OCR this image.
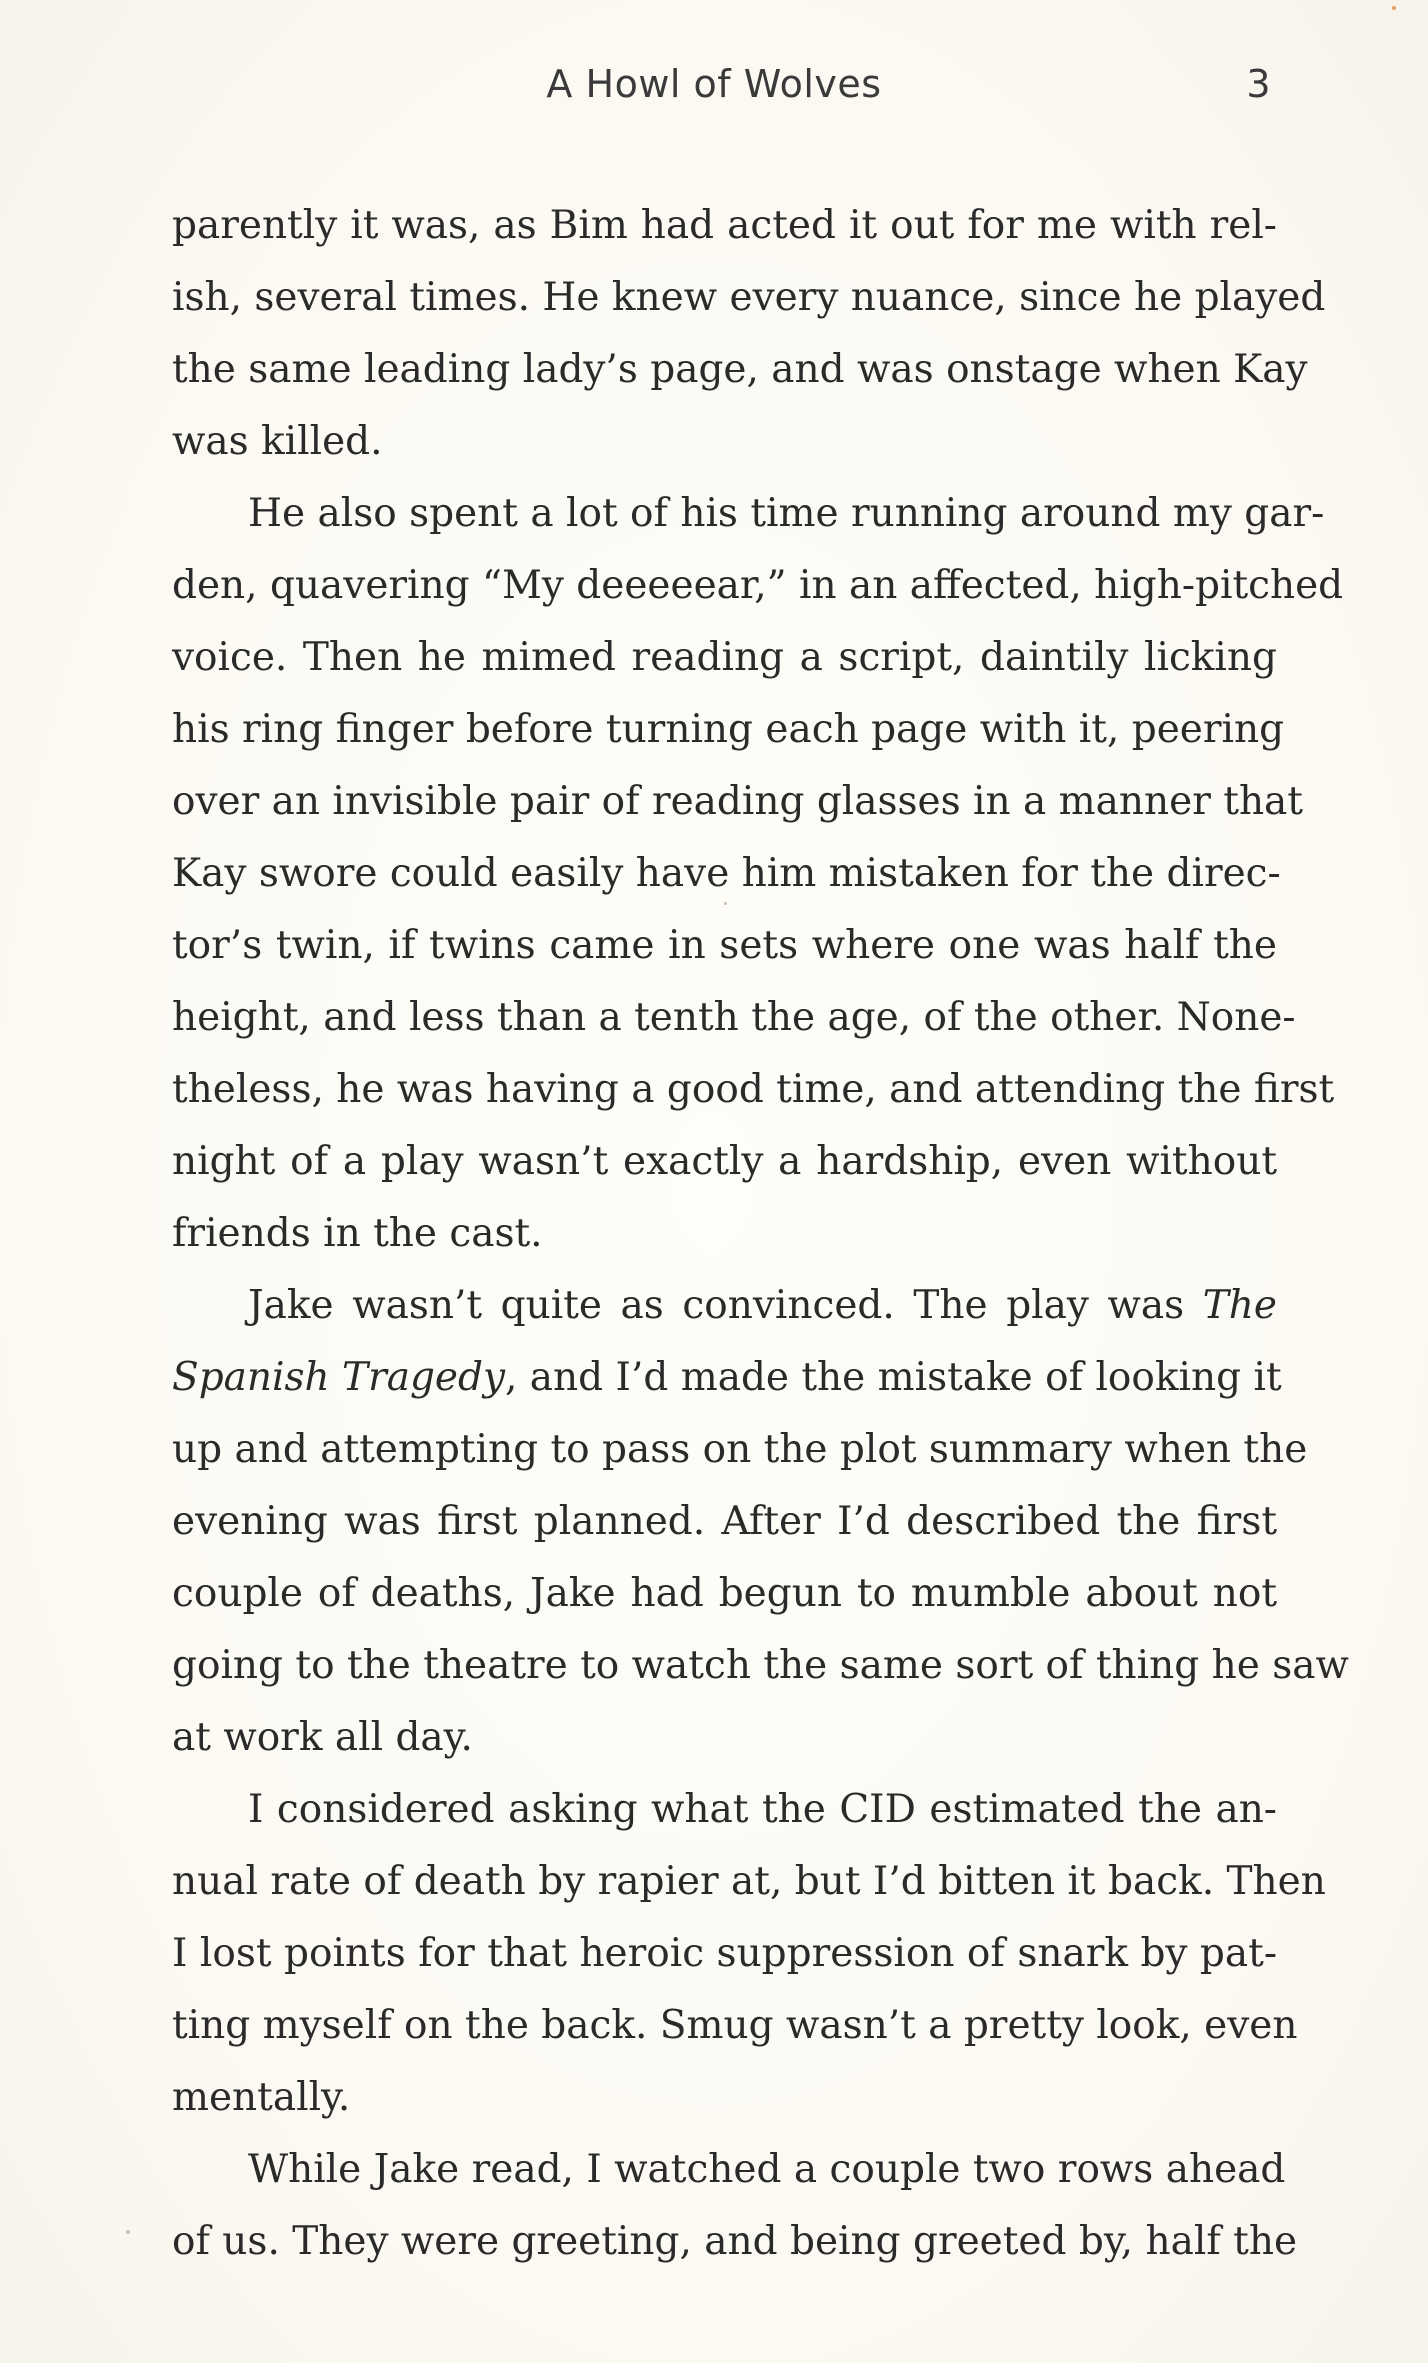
A Howl of Wolves	3
parently it was, as Bim had acted it out for me with rel-
ish, several times. He knew every nuance, since he played
the same leading lady’s page, and was onstage when Kay
was killed.
He also spent a lot of his time running around my gar-
den, quavering “My deeeeear,” in an affected, high-pitched
voice. Then he mimed reading a script, daintily licking
his ring finger before turning each page with it, peering
over an invisible pair of reading glasses in a manner that
Kay swore could easily have him mistaken for the direc-
tor’s twin, if twins came in sets where one was half the
height, and less than a tenth the age, of the other. None-
theless, he was having a good time, and attending the first
night of a play wasn’t exactly a hardship, even without
friends in the cast.
Jake wasn’t quite as convinced. The play was The
Spanish Tragedy, and I’d made the mistake of looking it
up and attempting to pass on the plot summary when the
evening was first planned. After I’d described the first
couple of deaths, Jake had begun to mumble about not
going to the theatre to watch the same sort of thing he saw
at work all day.
I considered asking what the CID estimated the an-
nual rate of death by rapier at, but I’d bitten it back. Then
I lost points for that heroic suppression of snark by pat-
ting myself on the back. Smug wasn’t a pretty look, even
mentally.
While Jake read, I watched a couple two rows ahead
of us. They were greeting, and being greeted by, half the
